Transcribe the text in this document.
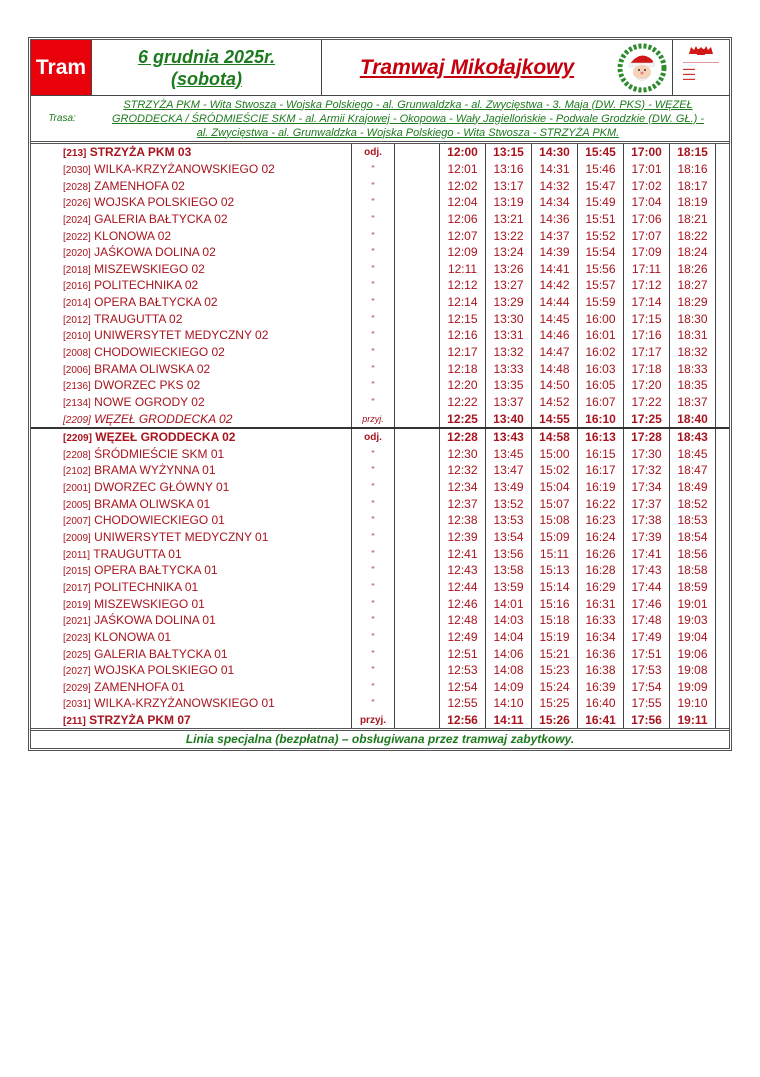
Tram	6 grudnia 2025r.
(sobota)	Tramwaj Mikołajkowy	▬▬▬
▬▬▬
▬▬▬
Trasa:
STRZYŻA PKM - Wita Stwosza - Wojska Polskiego - al. Grunwaldzka - al. Zwycięstwa - 3. Maja (DW. PKS) - WĘZEŁ
GRODDECKA / ŚRÓDMIEŚCIE SKM - al. Armii Krajowej - Okopowa - Wały Jagiellońskie - Podwale Grodzkie (DW. GŁ.) -
al. Zwycięstwa - al. Grunwaldzka - Wojska Polskiego - Wita Stwosza - STRZYŻA PKM.
[213] STRZYŻA PKM 03	odj.		12:00	13:15	14:30	15:45	17:00	18:15	
[2030] WILKA-KRZYŻANOWSKIEGO 02	"		12:01	13:16	14:31	15:46	17:01	18:16	
[2028] ZAMENHOFA 02	"		12:02	13:17	14:32	15:47	17:02	18:17	
[2026] WOJSKA POLSKIEGO 02	"		12:04	13:19	14:34	15:49	17:04	18:19	
[2024] GALERIA BAŁTYCKA 02	"		12:06	13:21	14:36	15:51	17:06	18:21	
[2022] KLONOWA 02	"		12:07	13:22	14:37	15:52	17:07	18:22	
[2020] JAŚKOWA DOLINA 02	"		12:09	13:24	14:39	15:54	17:09	18:24	
[2018] MISZEWSKIEGO 02	"		12:11	13:26	14:41	15:56	17:11	18:26	
[2016] POLITECHNIKA 02	"		12:12	13:27	14:42	15:57	17:12	18:27	
[2014] OPERA BAŁTYCKA 02	"		12:14	13:29	14:44	15:59	17:14	18:29	
[2012] TRAUGUTTA 02	"		12:15	13:30	14:45	16:00	17:15	18:30	
[2010] UNIWERSYTET MEDYCZNY 02	"		12:16	13:31	14:46	16:01	17:16	18:31	
[2008] CHODOWIECKIEGO 02	"		12:17	13:32	14:47	16:02	17:17	18:32	
[2006] BRAMA OLIWSKA 02	"		12:18	13:33	14:48	16:03	17:18	18:33	
[2136] DWORZEC PKS 02	"		12:20	13:35	14:50	16:05	17:20	18:35	
[2134] NOWE OGRODY 02	"		12:22	13:37	14:52	16:07	17:22	18:37	
[2209] WĘZEŁ GRODDECKA 02	przyj.		12:25	13:40	14:55	16:10	17:25	18:40	
[2209] WĘZEŁ GRODDECKA 02	odj.		12:28	13:43	14:58	16:13	17:28	18:43	
[2208] ŚRÓDMIEŚCIE SKM 01	"		12:30	13:45	15:00	16:15	17:30	18:45	
[2102] BRAMA WYŻYNNA 01	"		12:32	13:47	15:02	16:17	17:32	18:47	
[2001] DWORZEC GŁÓWNY 01	"		12:34	13:49	15:04	16:19	17:34	18:49	
[2005] BRAMA OLIWSKA 01	"		12:37	13:52	15:07	16:22	17:37	18:52	
[2007] CHODOWIECKIEGO 01	"		12:38	13:53	15:08	16:23	17:38	18:53	
[2009] UNIWERSYTET MEDYCZNY 01	"		12:39	13:54	15:09	16:24	17:39	18:54	
[2011] TRAUGUTTA 01	"		12:41	13:56	15:11	16:26	17:41	18:56	
[2015] OPERA BAŁTYCKA 01	"		12:43	13:58	15:13	16:28	17:43	18:58	
[2017] POLITECHNIKA 01	"		12:44	13:59	15:14	16:29	17:44	18:59	
[2019] MISZEWSKIEGO 01	"		12:46	14:01	15:16	16:31	17:46	19:01	
[2021] JAŚKOWA DOLINA 01	"		12:48	14:03	15:18	16:33	17:48	19:03	
[2023] KLONOWA 01	"		12:49	14:04	15:19	16:34	17:49	19:04	
[2025] GALERIA BAŁTYCKA 01	"		12:51	14:06	15:21	16:36	17:51	19:06	
[2027] WOJSKA POLSKIEGO 01	"		12:53	14:08	15:23	16:38	17:53	19:08	
[2029] ZAMENHOFA 01	"		12:54	14:09	15:24	16:39	17:54	19:09	
[2031] WILKA-KRZYŻANOWSKIEGO 01	"		12:55	14:10	15:25	16:40	17:55	19:10	
[211] STRZYŻA PKM 07	przyj.		12:56	14:11	15:26	16:41	17:56	19:11	
Linia specjalna (bezpłatna) – obsługiwana przez tramwaj zabytkowy.
